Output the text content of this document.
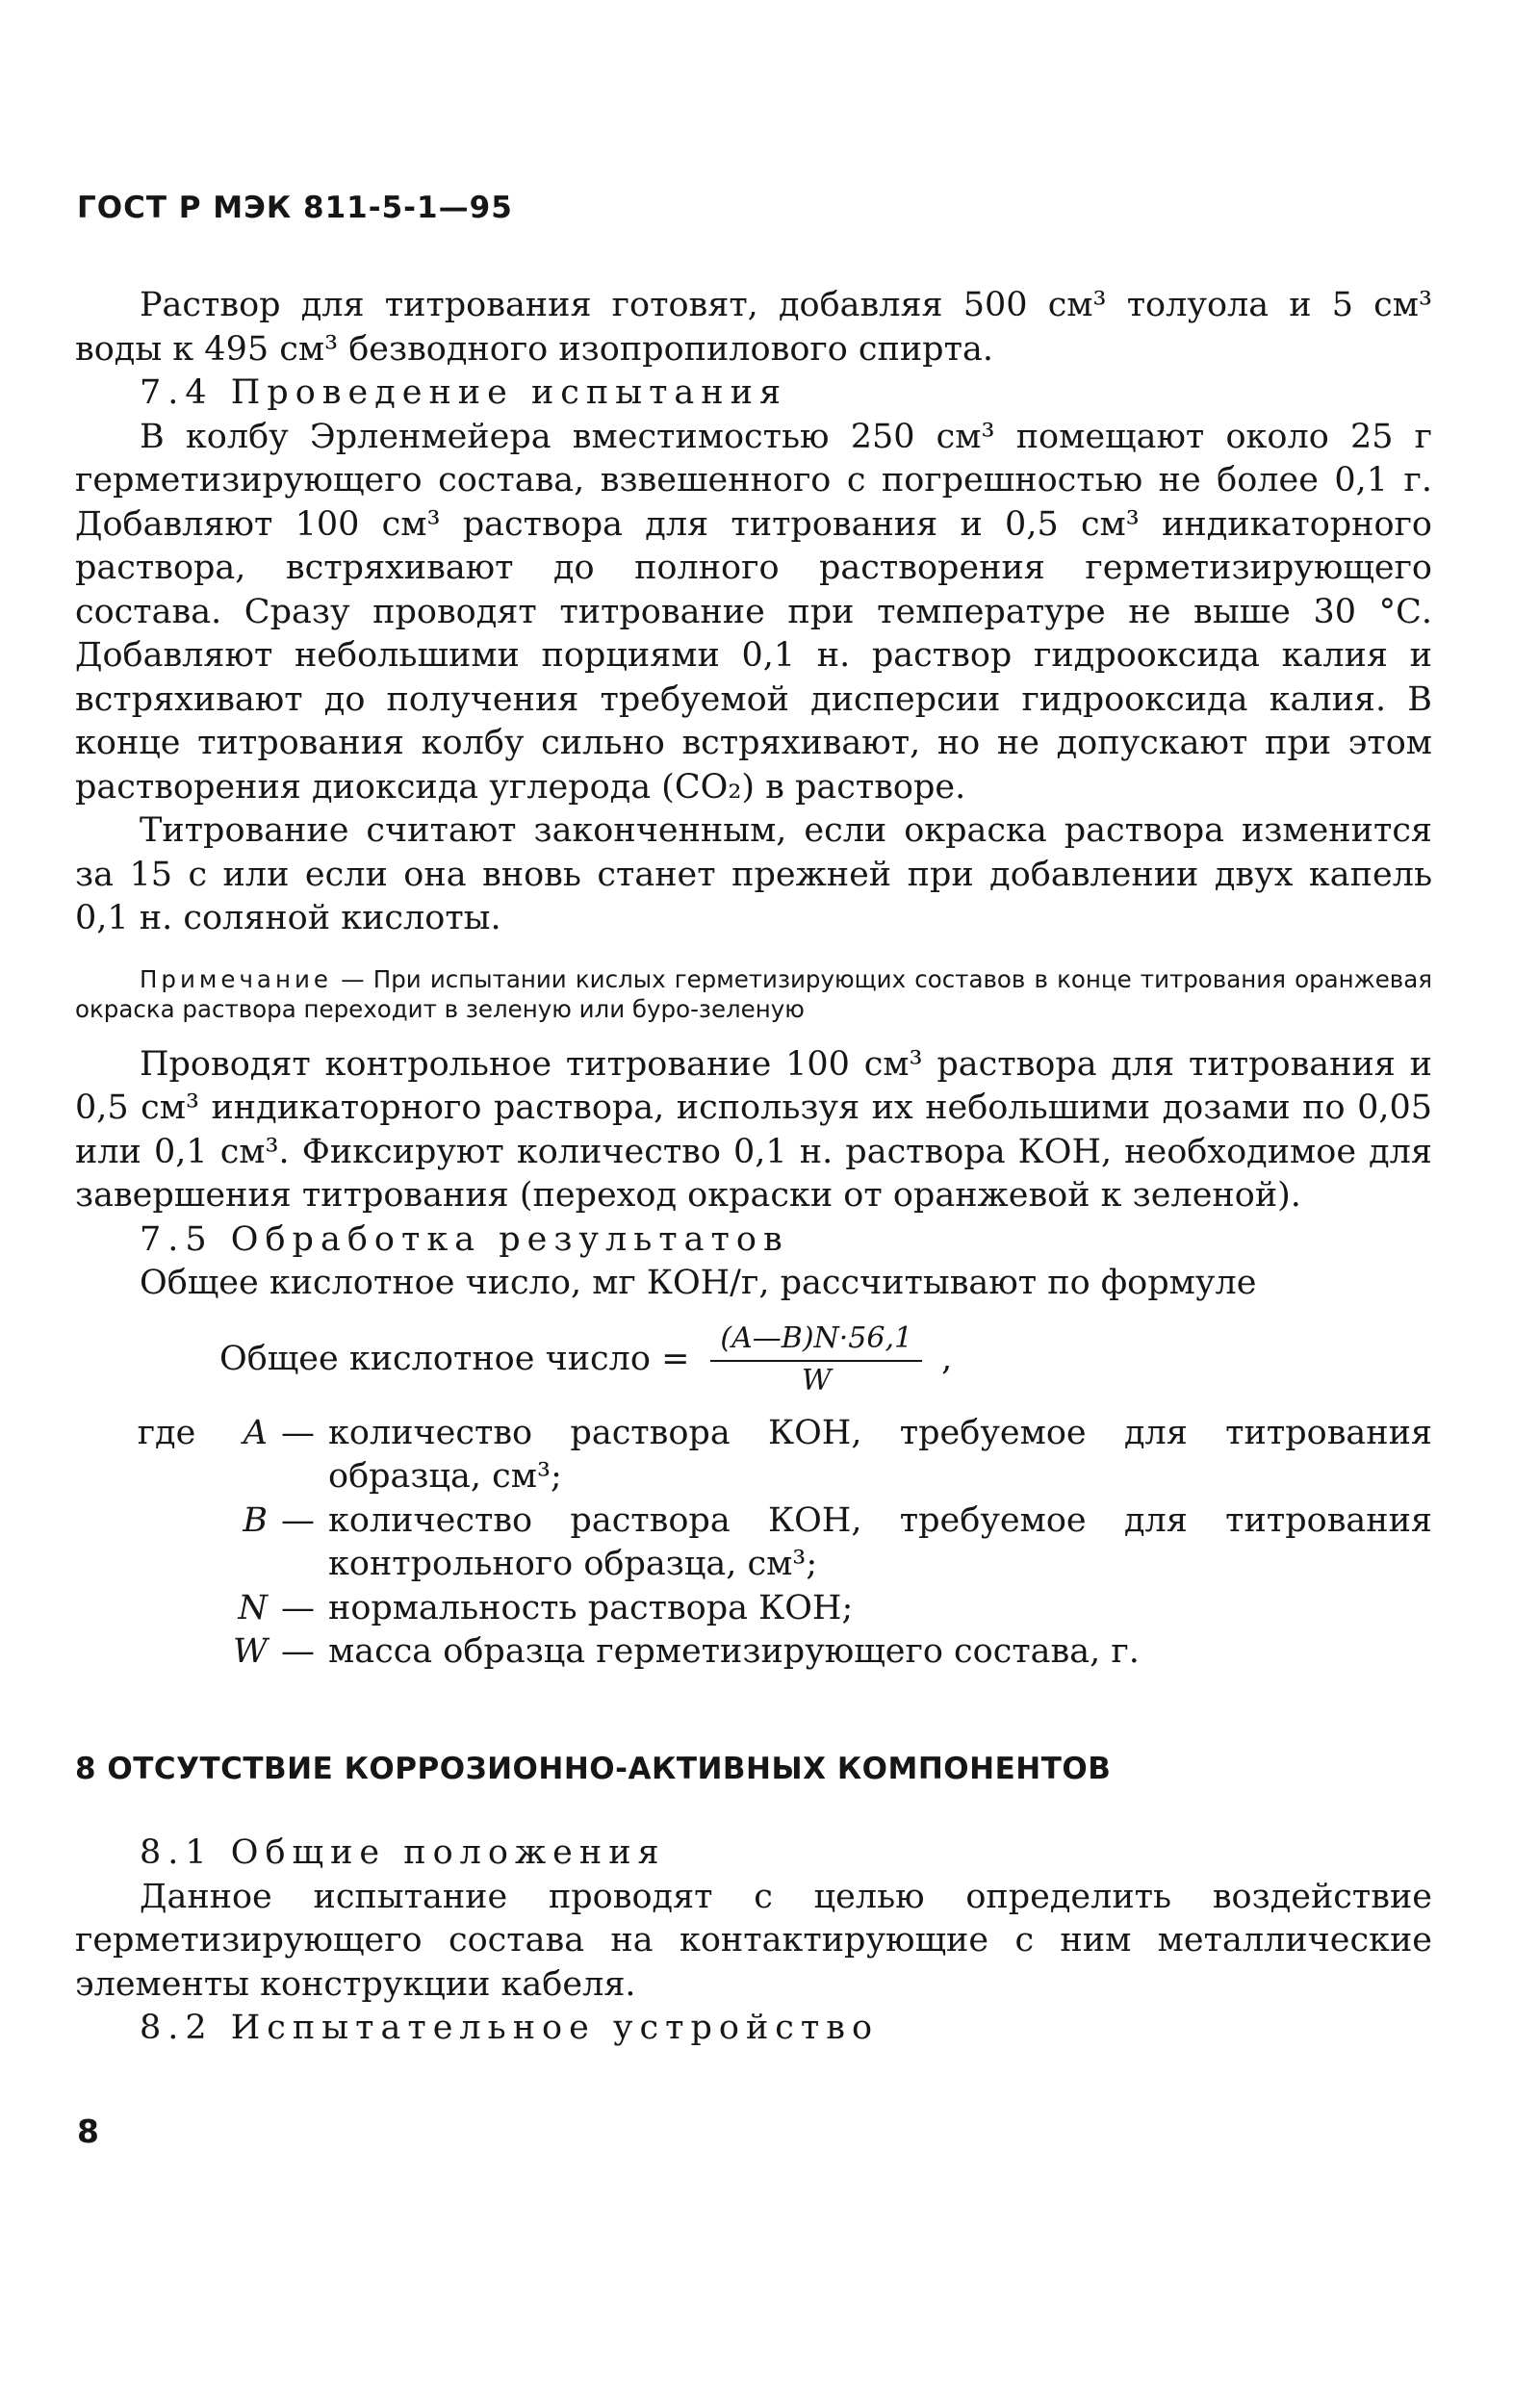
ГОСТ Р МЭК 811-5-1—95

Раствор для титрования готовят, добавляя 500 см³ толуола и 5 см³ воды к 495 см³ безводного изопропилового спирта.

7.4 Проведение испытания

В колбу Эрленмейера вместимостью 250 см³ помещают около 25 г герметизирующего состава, взвешенного с погрешностью не более 0,1 г. Добавляют 100 см³ раствора для титрования и 0,5 см³ индикаторного раствора, встряхивают до полного растворения герметизирующего состава. Сразу проводят титрование при температуре не выше 30 °С. Добавляют небольшими порциями 0,1 н. раствор гидрооксида калия и встряхивают до получения требуемой дисперсии гидрооксида калия. В конце титрования колбу сильно встряхивают, но не допускают при этом растворения диоксида углерода (CO₂) в растворе.

Титрование считают законченным, если окраска раствора изменится за 15 с или если она вновь станет прежней при добавлении двух капель 0,1 н. соляной кислоты.

Примечание — При испытании кислых герметизирующих составов в конце титрования оранжевая окраска раствора переходит в зеленую или буро-зеленую

Проводят контрольное титрование 100 см³ раствора для титрования и 0,5 см³ индикаторного раствора, используя их небольшими дозами по 0,05 или 0,1 см³. Фиксируют количество 0,1 н. раствора КОН, необходимое для завершения титрования (переход окраски от оранжевой к зеленой).

7.5 Обработка результатов

Общее кислотное число, мг КОН/г, рассчитывают по формуле

Общее кислотное число = $\frac{(A—B)N\cdot 56,1}{W}$ ,
где A — количество раствора КОН, требуемое для титрования образца, см³;
B — количество раствора КОН, требуемое для титрования контрольного образца, см³;
N — нормальность раствора КОН;
W — масса образца герметизирующего состава, г.

8 ОТСУТСТВИЕ КОРРОЗИОННО-АКТИВНЫХ КОМПОНЕНТОВ

8.1 Общие положения

Данное испытание проводят с целью определить воздействие герметизирующего состава на контактирующие с ним металлические элементы конструкции кабеля.

8.2 Испытательное устройство

8
